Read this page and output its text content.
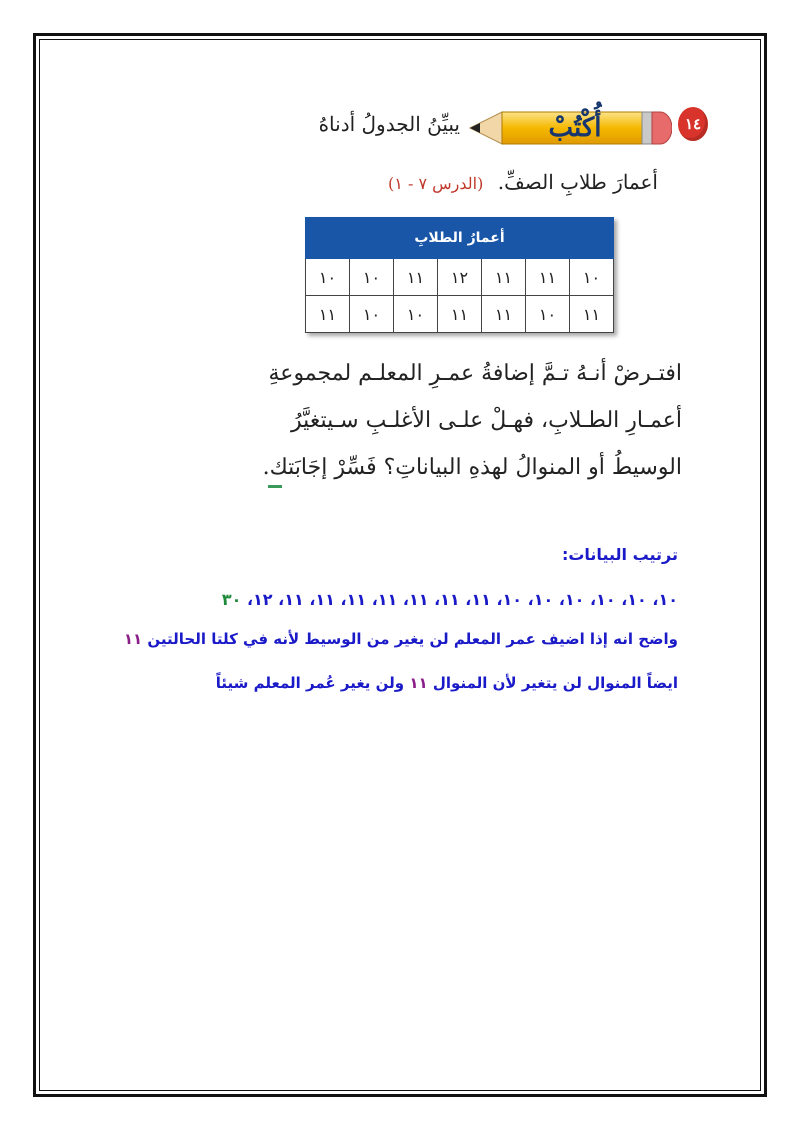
١٤
أُكْتُبْ
يبيِّنُ الجدولُ أدناهُ
أعمارَ طلابِ الصفِّ. (الدرس ٧ - ١)
أعمارُ الطلابِ						
١٠	١١	١١	١٢	١١	١٠	١٠
١١	١٠	١١	١١	١٠	١٠	١١
افتـرضْ أنـهُ تـمَّ إضافةُ عمـرِ المعلـم لمجموعةِ
أعمـارِ الطـلابِ، فهـلْ علـى الأغلـبِ سـيتغيَّرُ
الوسيطُ أو المنوالُ لهذهِ البياناتِ؟ فَسِّرْ إجَابَتك.
ترتيب البيانات:
١٠، ١٠، ١٠، ١٠، ١٠، ١٠، ١١، ١١، ١١، ١١، ١١، ١١، ١١، ١٢، ٣٠
واضح انه إذا اضيف عمر المعلم لن يغير من الوسيط لأنه في كلتا الحالتين ١١
ايضاً المنوال لن يتغير لأن المنوال ١١ ولن يغير عُمر المعلم شيئاً
